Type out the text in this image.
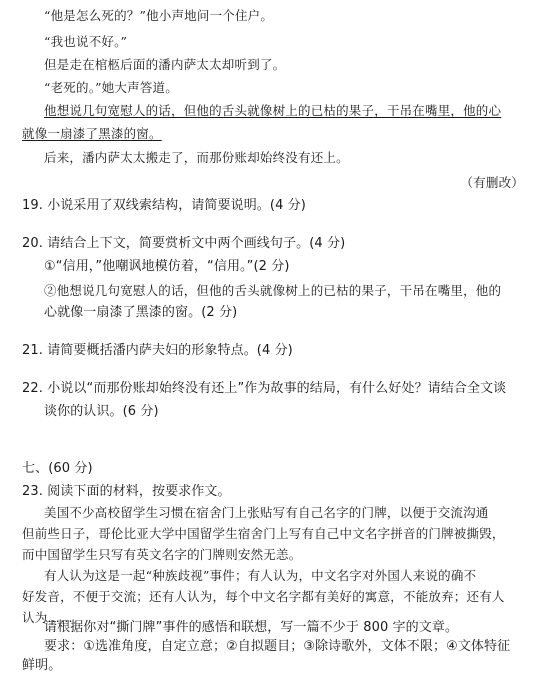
“他是怎么死的？”他小声地问一个住户。
“我也说不好。”
但是走在棺柩后面的潘内萨太太却听到了。
“老死的。”她大声答道。
他想说几句宽慰人的话，但他的舌头就像树上的已枯的果子，干吊在嘴里，他的心
就像一扇漆了黑漆的窗。
后来，潘内萨太太搬走了，而那份账却始终没有还上。
（有删改）
19. 小说采用了双线索结构，请简要说明。(4 分)
20. 请结合上下文，简要赏析文中两个画线句子。(4 分)
①“信用，”他嘲讽地模仿着，“信用。”(2 分)
②他想说几句宽慰人的话，但他的舌头就像树上的已枯的果子，干吊在嘴里，他的
心就像一扇漆了黑漆的窗。(2 分)
21. 请简要概括潘内萨夫妇的形象特点。(4 分)
22. 小说以“而那份账却始终没有还上”作为故事的结局，有什么好处？请结合全文谈
谈你的认识。(6 分)
七、(60 分)
23. 阅读下面的材料，按要求作文。
美国不少高校留学生习惯在宿舍门上张贴写有自己名字的门牌，以便于交流沟通
但前些日子，哥伦比亚大学中国留学生宿舍门上写有自己中文名字拼音的门牌被撕毁，
而中国留学生只写有英文名字的门牌则安然无恙。
有人认为这是一起“种族歧视”事件；有人认为，中文名字对外国人来说的确不
好发音，不便于交流；还有人认为，每个中文名字都有美好的寓意，不能放弃；还有人
认为……
请根据你对“撕门牌”事件的感悟和联想，写一篇不少于 800 字的文章。
要求：①选准角度，自定立意；②自拟题目；③除诗歌外，文体不限；④文体特征
鲜明。
